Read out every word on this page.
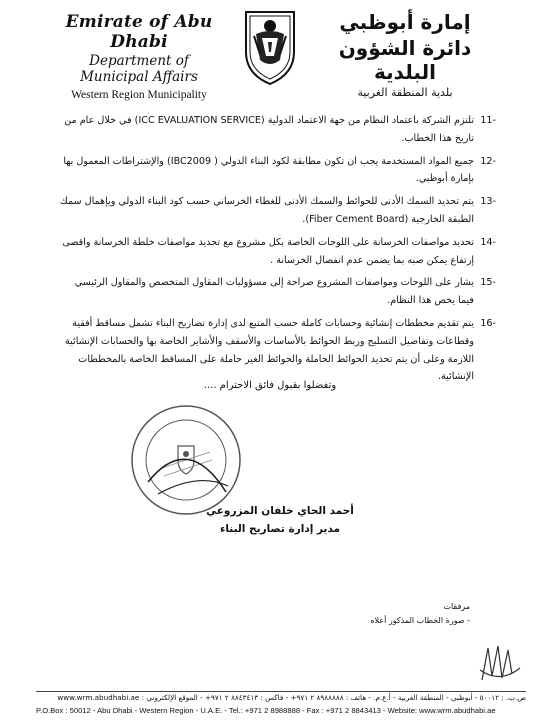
Emirate of Abu Dhabi
Department of Municipal Affairs
Western Region Municipality
إمارة أبوظبي
دائرة الشؤون البلدية
بلدية المنطقة الغربية
11-
تلتزم الشركة باعتماد النظام من جهة الاعتماد الدولية (ICC EVALUATION SERVICE) في خلال عام من تاريخ هذا الخطاب.
12-
جميع المواد المستخدمة يجب ان تكون مطابقة لكود البناء الدولي ( IBC2009) والإشتراطات المعمول بها بإمارة أبوظبي.
13-
يتم تحديد السمك الأدنى للحوائط والسمك الأدنى للغطاء الخرساني حسب كود البناء الدولي ويإهمال سمك الطبقة الخارجية (Fiber Cement Board).
14-
تحديد مواصفات الخرسانة على اللوحات الخاصة بكل مشروع مع تحديد مواصفات خلطة الخرسانة واقصى إرتفاع يمكن صبه بما يضمن عدم انفصال الخرسانة .
15-
يشار على اللوحات ومواصفات المشروع صراحة إلى مسؤوليات المقاول المتخصص والمقاول الرئيسي فيما يخص هذا النظام.
16-
يتم تقديم مخططات إنشائية وحسابات كاملة حسب المتبع لدى إدارة تصاريح البناء تشمل مساقط أفقية وقطاعات وتفاصيل التسليح وربط الحوائط بالأساسات والأسقف والأشاير الخاصة بها والحسابات الإنشائية اللازمة وعلى أن يتم تحديد الحوائط الحاملة والحوائط الغير حاملة على المساقط الخاصة بالمخططات الإنشائية.
وتفضلوا بقبول فائق الاحترام ....
أحمد الحاي خلفان المزروعي
مدير إدارة تصاريح البناء
مرفقات
- صورة الخطاب المذكور أعلاه
ص.ب. : ٥٠٠١٢ - أبوظبي - المنطقة الغربية - أ.ع.م. - هاتف : ٨٩٨٨٨٨٨ ٢ ٩٧١+ - فاكس : ٨٨٤٣٤١٣ ٢ ٩٧١+ - الموقع الإلكتروني : www.wrm.abudhabi.ae
P.O.Box : 50012 - Abu Dhabi - Western Region - U.A.E. - Tel.: +971 2 8988888 - Fax : +971 2 8843413 - Website: www.wrm.abudhabi.ae
